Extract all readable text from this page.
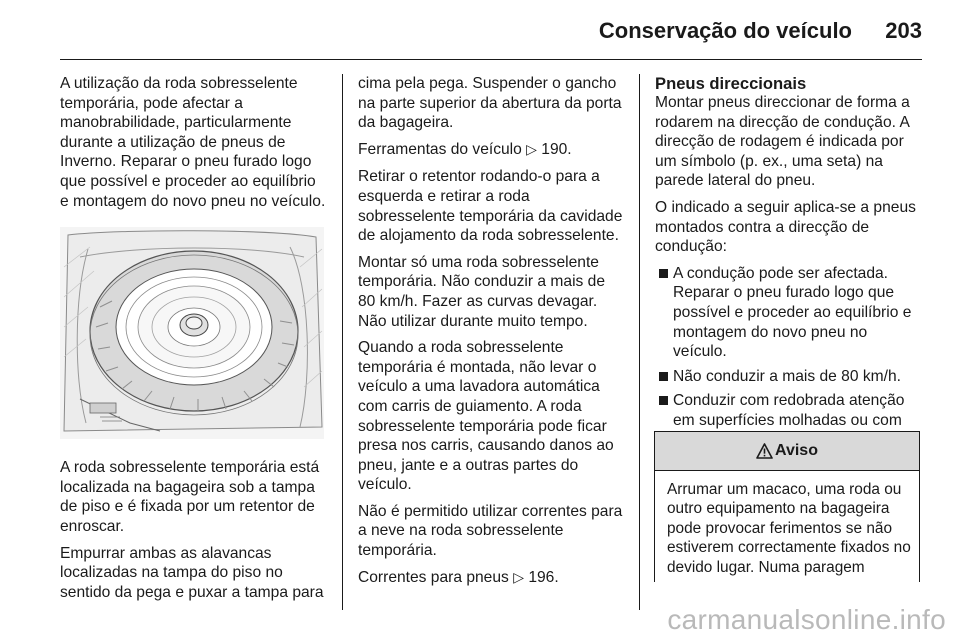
Conservação do veículo 203

A utilização da roda sobresselente temporária, pode afectar a manobrabilidade, particularmente durante a utilização de pneus de Inverno. Reparar o pneu furado logo que possível e proceder ao equilíbrio e montagem do novo pneu no veículo.

A roda sobresselente temporária está localizada na bagageira sob a tampa de piso e é fixada por um retentor de enroscar.

Empurrar ambas as alavancas localizadas na tampa do piso no sentido da pega e puxar a tampa para

cima pela pega. Suspender o gancho na parte superior da abertura da porta da bagageira.

Ferramentas do veículo ▷ 190.

Retirar o retentor rodando-o para a esquerda e retirar a roda sobresselente temporária da cavidade de alojamento da roda sobresselente.

Montar só uma roda sobresselente temporária. Não conduzir a mais de 80 km/h. Fazer as curvas devagar. Não utilizar durante muito tempo.

Quando a roda sobresselente temporária é montada, não levar o veículo a uma lavadora automática com carris de guiamento. A roda sobresselente temporária pode ficar presa nos carris, causando danos ao pneu, jante e a outras partes do veículo.

Não é permitido utilizar correntes para a neve na roda sobresselente temporária.

Correntes para pneus ▷ 196.

Pneus direccionais

Montar pneus direccionar de forma a rodarem na direcção de condução. A direcção de rodagem é indicada por um símbolo (p. ex., uma seta) na parede lateral do pneu.

O indicado a seguir aplica-se a pneus montados contra a direcção de condução:

A condução pode ser afectada. Reparar o pneu furado logo que possível e proceder ao equilíbrio e montagem do novo pneu no veículo.
Não conduzir a mais de 80 km/h.
Conduzir com redobrada atenção em superfícies molhadas ou com
Aviso
Arrumar um macaco, uma roda ou outro equipamento na bagageira pode provocar ferimentos se não estiverem correctamente fixados no devido lugar. Numa paragem
carmanualsonline.info
